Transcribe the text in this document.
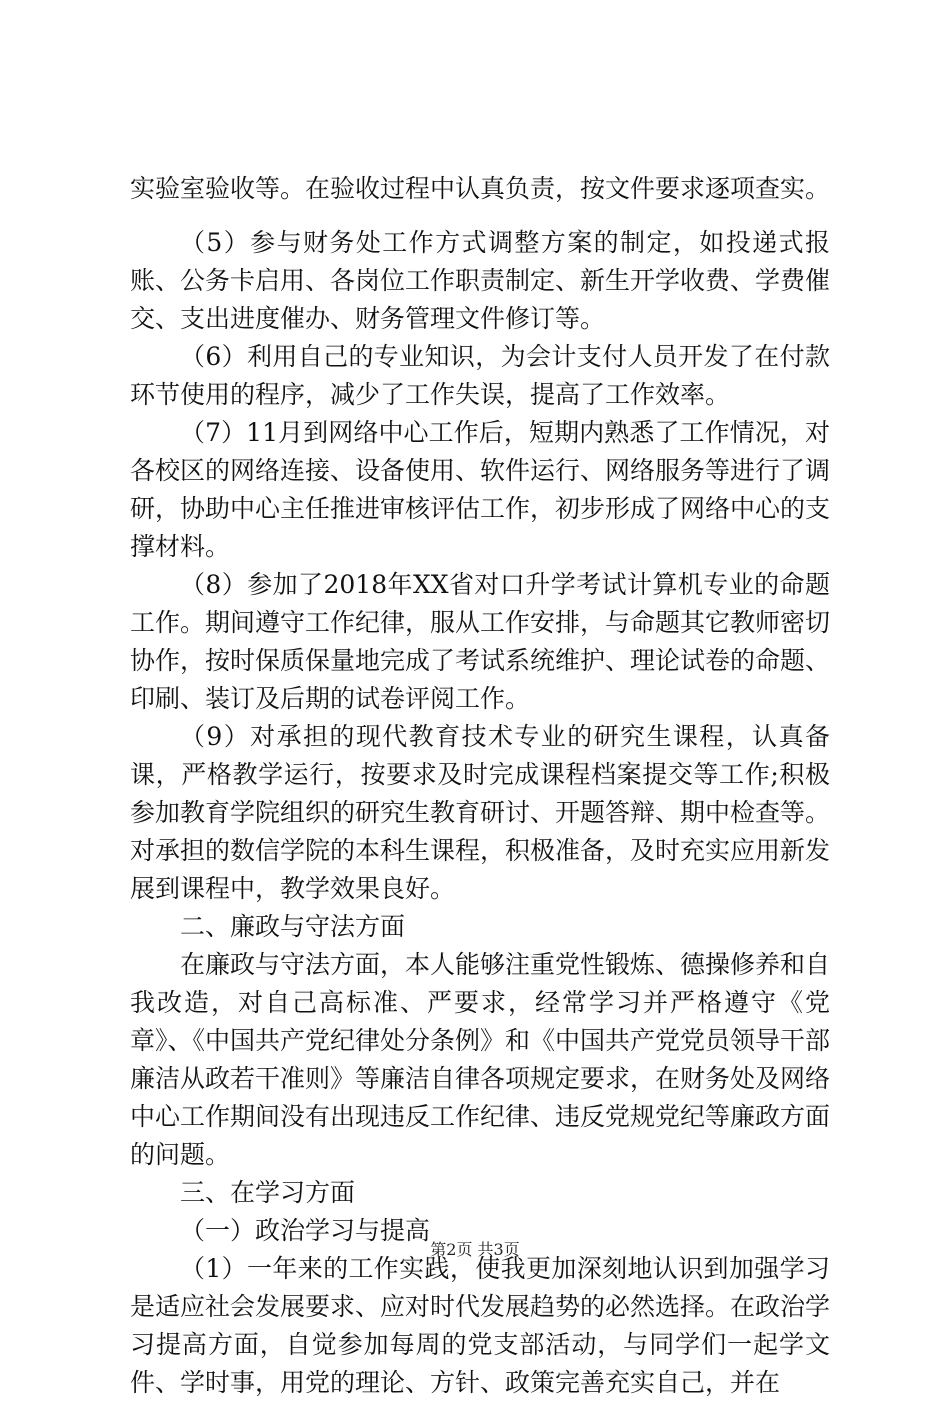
实验室验收等。在验收过程中认真负责，按文件要求逐项查实。

（5）参与财务处工作方式调整方案的制定，如投递式报账、公务卡启用、各岗位工作职责制定、新生开学收费、学费催交、支出进度催办、财务管理文件修订等。

（6）利用自己的专业知识，为会计支付人员开发了在付款环节使用的程序，减少了工作失误，提高了工作效率。

（7）11月到网络中心工作后，短期内熟悉了工作情况，对各校区的网络连接、设备使用、软件运行、网络服务等进行了调研，协助中心主任推进审核评估工作，初步形成了网络中心的支撑材料。

（8）参加了2018年XX省对口升学考试计算机专业的命题工作。期间遵守工作纪律，服从工作安排，与命题其它教师密切协作，按时保质保量地完成了考试系统维护、理论试卷的命题、印刷、装订及后期的试卷评阅工作。

（9）对承担的现代教育技术专业的研究生课程，认真备课，严格教学运行，按要求及时完成课程档案提交等工作;积极参加教育学院组织的研究生教育研讨、开题答辩、期中检查等。对承担的数信学院的本科生课程，积极准备，及时充实应用新发展到课程中，教学效果良好。

二、廉政与守法方面

在廉政与守法方面，本人能够注重党性锻炼、德操修养和自我改造，对自己高标准、严要求，经常学习并严格遵守《党章》、《中国共产党纪律处分条例》和《中国共产党党员领导干部廉洁从政若干准则》等廉洁自律各项规定要求，在财务处及网络中心工作期间没有出现违反工作纪律、违反党规党纪等廉政方面的问题。

三、在学习方面

（一）政治学习与提高

（1）一年来的工作实践，使我更加深刻地认识到加强学习是适应社会发展要求、应对时代发展趋势的必然选择。在政治学习提高方面，自觉参加每周的党支部活动，与同学们一起学文件、学时事，用党的理论、方针、政策完善充实自己，并在

第2页 共3页
